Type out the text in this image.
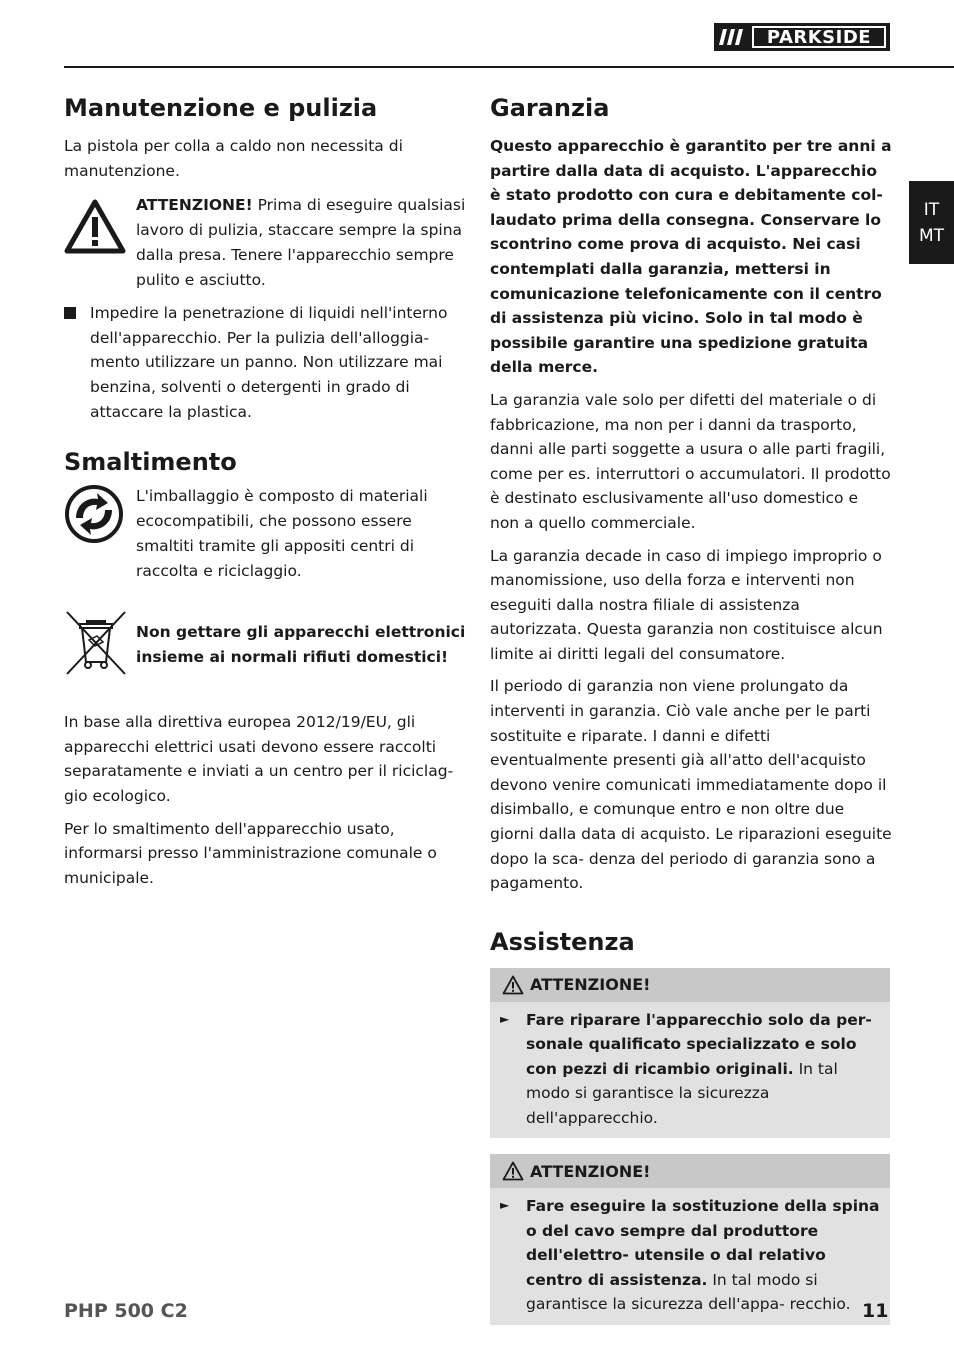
PARKSIDE
IT
MT
Manutenzione e pulizia

La pistola per colla a caldo non necessita di manutenzione.

ATTENZIONE! Prima di eseguire qualsiasi lavoro di pulizia, staccare sempre la spina dalla presa. Tenere l'apparecchio sempre pulito e asciutto.
Impedire la penetrazione di liquidi nell'interno dell'apparecchio. Per la pulizia dell'alloggia- mento utilizzare un panno. Non utilizzare mai benzina, solventi o detergenti in grado di attaccare la plastica.
Smaltimento
L'imballaggio è composto di materiali ecocompatibili, che possono essere smaltiti tramite gli appositi centri di raccolta e riciclaggio.
Non gettare gli apparecchi elettronici insieme ai normali rifiuti domestici!

In base alla direttiva europea 2012/19/EU, gli apparecchi elettrici usati devono essere raccolti separatamente e inviati a un centro per il riciclag- gio ecologico.

Per lo smaltimento dell'apparecchio usato, informarsi presso l'amministrazione comunale o municipale.

Garanzia

Questo apparecchio è garantito per tre anni a partire dalla data di acquisto. L'apparecchio è stato prodotto con cura e debitamente col- laudato prima della consegna. Conservare lo scontrino come prova di acquisto. Nei casi contemplati dalla garanzia, mettersi in comunicazione telefonicamente con il centro di assistenza più vicino. Solo in tal modo è possibile garantire una spedizione gratuita della merce.

La garanzia vale solo per difetti del materiale o di fabbricazione, ma non per i danni da trasporto, danni alle parti soggette a usura o alle parti fragili, come per es. interruttori o accumulatori. Il prodotto è destinato esclusivamente all'uso domestico e non a quello commerciale.

La garanzia decade in caso di impiego improprio o manomissione, uso della forza e interventi non eseguiti dalla nostra filiale di assistenza autorizzata. Questa garanzia non costituisce alcun limite ai diritti legali del consumatore.

Il periodo di garanzia non viene prolungato da interventi in garanzia. Ciò vale anche per le parti sostituite e riparate. I danni e difetti eventualmente presenti già all'atto dell'acquisto devono venire comunicati immediatamente dopo il disimballo, e comunque entro e non oltre due giorni dalla data di acquisto. Le riparazioni eseguite dopo la sca- denza del periodo di garanzia sono a pagamento.

Assistenza
ATTENZIONE!
►	Fare riparare l'apparecchio solo da per- sonale qualificato specializzato e solo con pezzi di ricambio originali. In tal modo si garantisce la sicurezza dell'apparecchio.
ATTENZIONE!
►	Fare eseguire la sostituzione della spina o del cavo sempre dal produttore dell'elettro- utensile o dal relativo centro di assistenza. In tal modo si garantisce la sicurezza dell'appa- recchio.
PHP 500 C2	11
